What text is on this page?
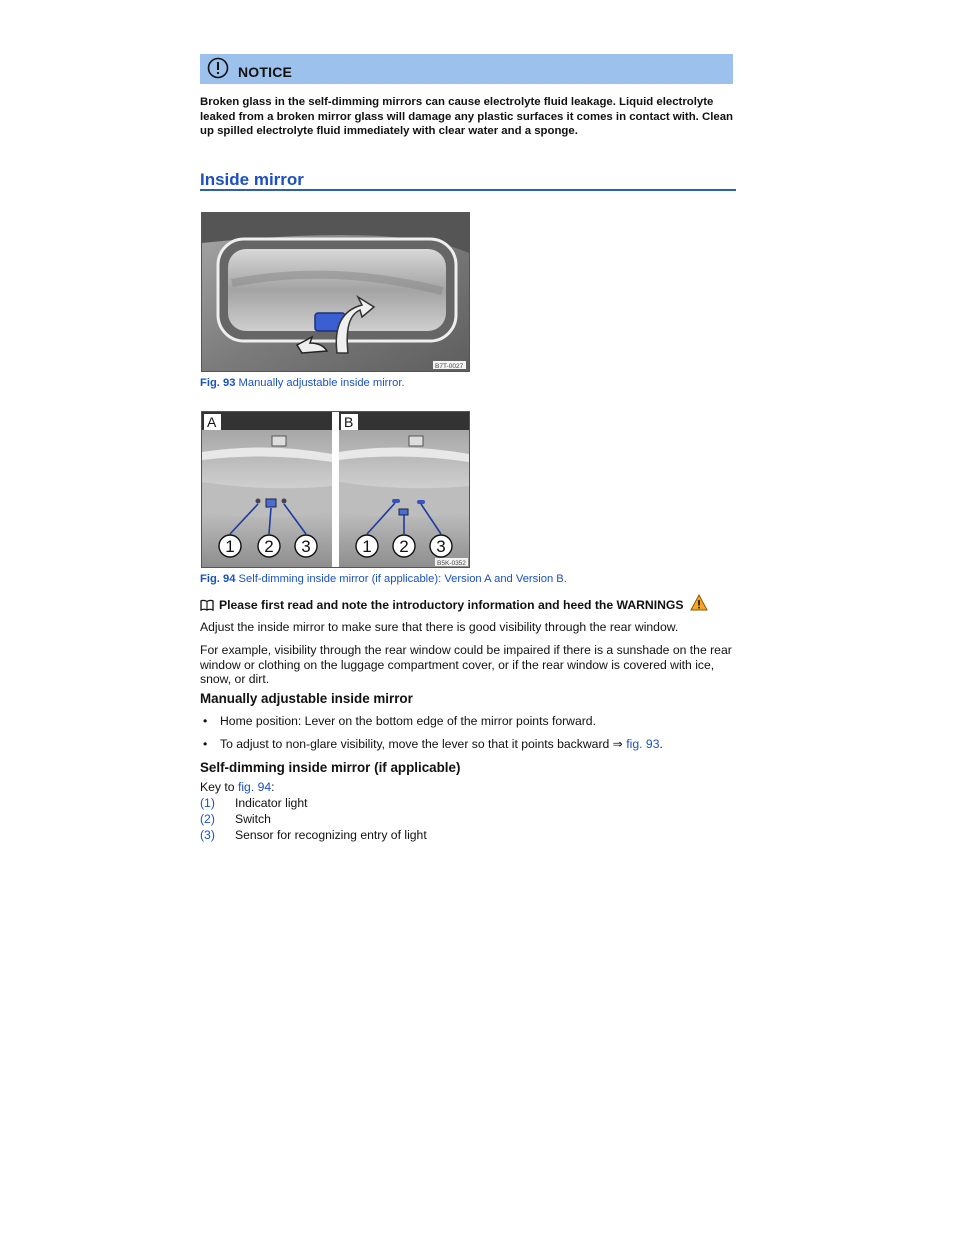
NOTICE
Broken glass in the self-dimming mirrors can cause electrolyte fluid leakage. Liquid electrolyte leaked from a broken mirror glass will damage any plastic surfaces it comes in contact with. Clean up spilled electrolyte fluid immediately with clear water and a sponge.
Inside mirror
B7T-0027
Fig. 93 Manually adjustable inside mirror.
1 2 3
A
1 2 3
B
B5K-0352
Fig. 94 Self-dimming inside mirror (if applicable): Version A and Version B.
Please first read and note the introductory information and heed the WARNINGS
Adjust the inside mirror to make sure that there is good visibility through the rear window.
For example, visibility through the rear window could be impaired if there is a sunshade on the rear window or clothing on the luggage compartment cover, or if the rear window is covered with ice, snow, or dirt.
Manually adjustable inside mirror
•	Home position: Lever on the bottom edge of the mirror points forward.
•	To adjust to non-glare visibility, move the lever so that it points backward ⇒ fig. 93.
Self-dimming inside mirror (if applicable)
Key to fig. 94:
(1)	Indicator light
(2)	Switch
(3)	Sensor for recognizing entry of light
